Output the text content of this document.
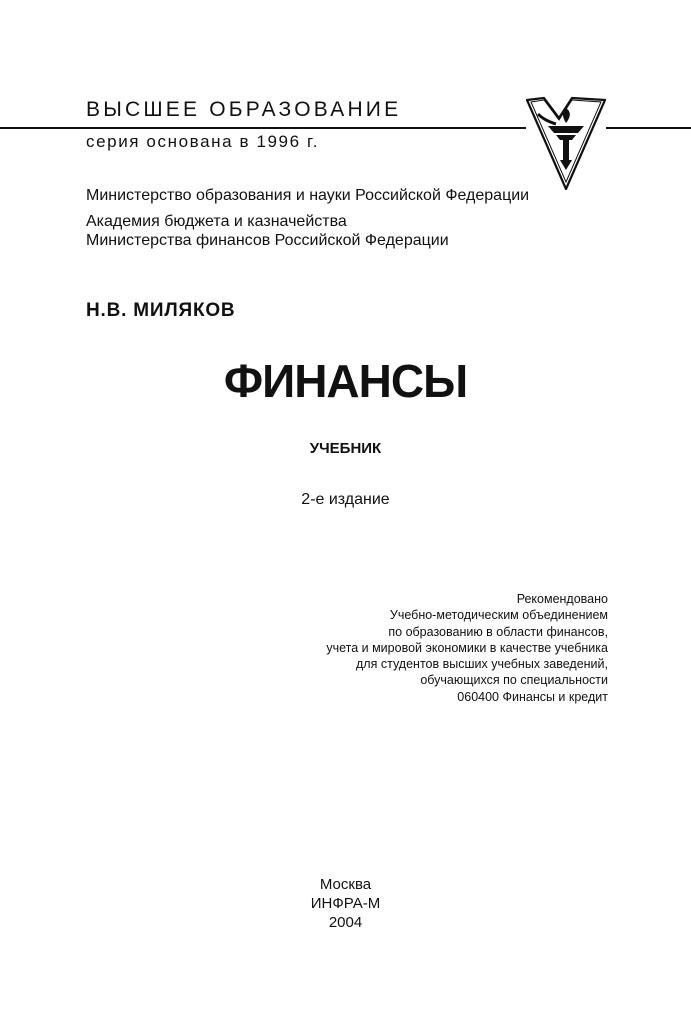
ВЫСШЕЕ ОБРАЗОВАНИЕ
серия основана в 1996 г.
Министерство образования и науки Российской Федерации
Академия бюджета и казначейства
Министерства финансов Российской Федерации
Н.В. МИЛЯКОВ
ФИНАНСЫ
УЧЕБНИК
2-е издание
Рекомендовано
Учебно-методическим объединением
по образованию в области финансов,
учета и мировой экономики в качестве учебника
для студентов высших учебных заведений,
обучающихся по специальности
060400 Финансы и кредит
Москва
ИНФРА-М
2004
